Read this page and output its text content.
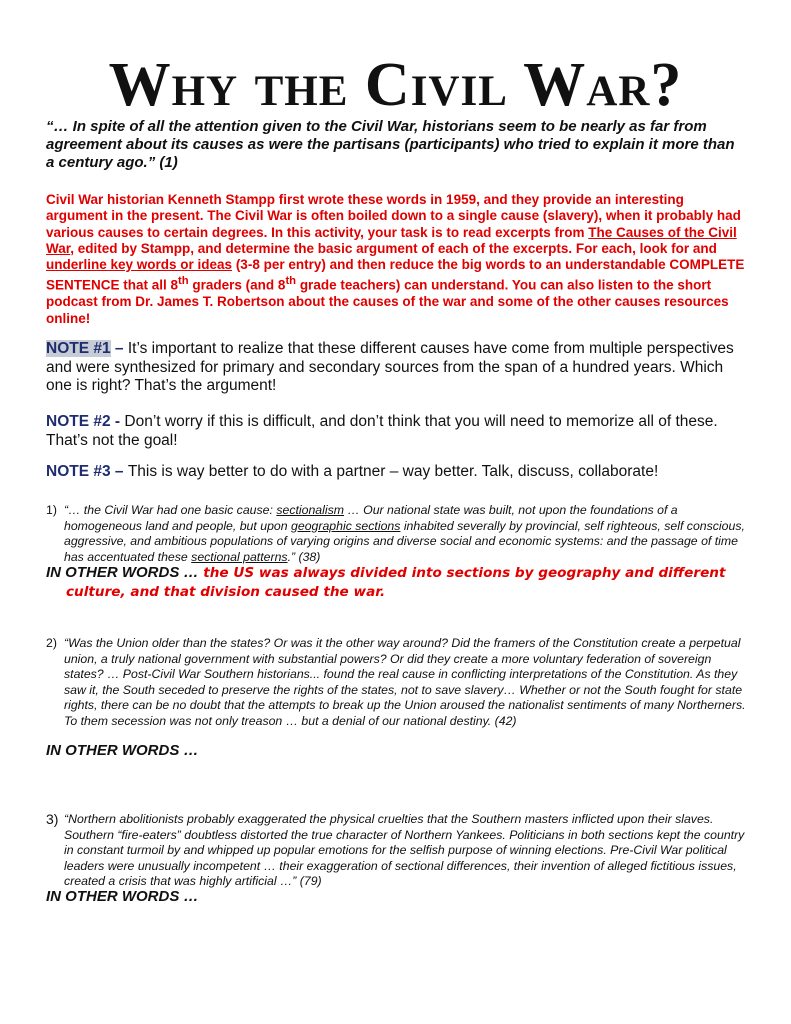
Why the Civil War?
“… In spite of all the attention given to the Civil War, historians seem to be nearly as far from agreement about its causes as were the partisans (participants) who tried to explain it more than a century ago.” (1)
Civil War historian Kenneth Stampp first wrote these words in 1959, and they provide an interesting argument in the present. The Civil War is often boiled down to a single cause (slavery), when it probably had various causes to certain degrees. In this activity, your task is to read excerpts from The Causes of the Civil War, edited by Stampp, and determine the basic argument of each of the excerpts. For each, look for and underline key words or ideas (3-8 per entry) and then reduce the big words to an understandable COMPLETE SENTENCE that all 8th graders (and 8th grade teachers) can understand. You can also listen to the short podcast from Dr. James T. Robertson about the causes of the war and some of the other causes resources online!
NOTE #1 – It’s important to realize that these different causes have come from multiple perspectives and were synthesized for primary and secondary sources from the span of a hundred years. Which one is right? That’s the argument!
NOTE #2 - Don’t worry if this is difficult, and don’t think that you will need to memorize all of these. That’s not the goal!
NOTE #3 – This is way better to do with a partner – way better. Talk, discuss, collaborate!
1) “… the Civil War had one basic cause: sectionalism … Our national state was built, not upon the foundations of a homogeneous land and people, but upon geographic sections inhabited severally by provincial, self righteous, self conscious, aggressive, and ambitious populations of varying origins and diverse social and economic systems: and the passage of time has accentuated these sectional patterns.” (38)
IN OTHER WORDS … the US was always divided into sections by geography and different
culture, and that division caused the war.
2) “Was the Union older than the states? Or was it the other way around? Did the framers of the Constitution create a perpetual union, a truly national government with substantial powers? Or did they create a more voluntary federation of sovereign states? … Post-Civil War Southern historians... found the real cause in conflicting interpretations of the Constitution. As they saw it, the South seceded to preserve the rights of the states, not to save slavery… Whether or not the South fought for state rights, there can be no doubt that the attempts to break up the Union aroused the nationalist sentiments of many Northerners. To them secession was not only treason … but a denial of our national destiny. (42)
IN OTHER WORDS …
3) “Northern abolitionists probably exaggerated the physical cruelties that the Southern masters inflicted upon their slaves. Southern “fire-eaters” doubtless distorted the true character of Northern Yankees. Politicians in both sections kept the country in constant turmoil by and whipped up popular emotions for the selfish purpose of winning elections. Pre-Civil War political leaders were unusually incompetent … their exaggeration of sectional differences, their invention of alleged fictitious issues, created a crisis that was highly artificial …” (79)
IN OTHER WORDS …
